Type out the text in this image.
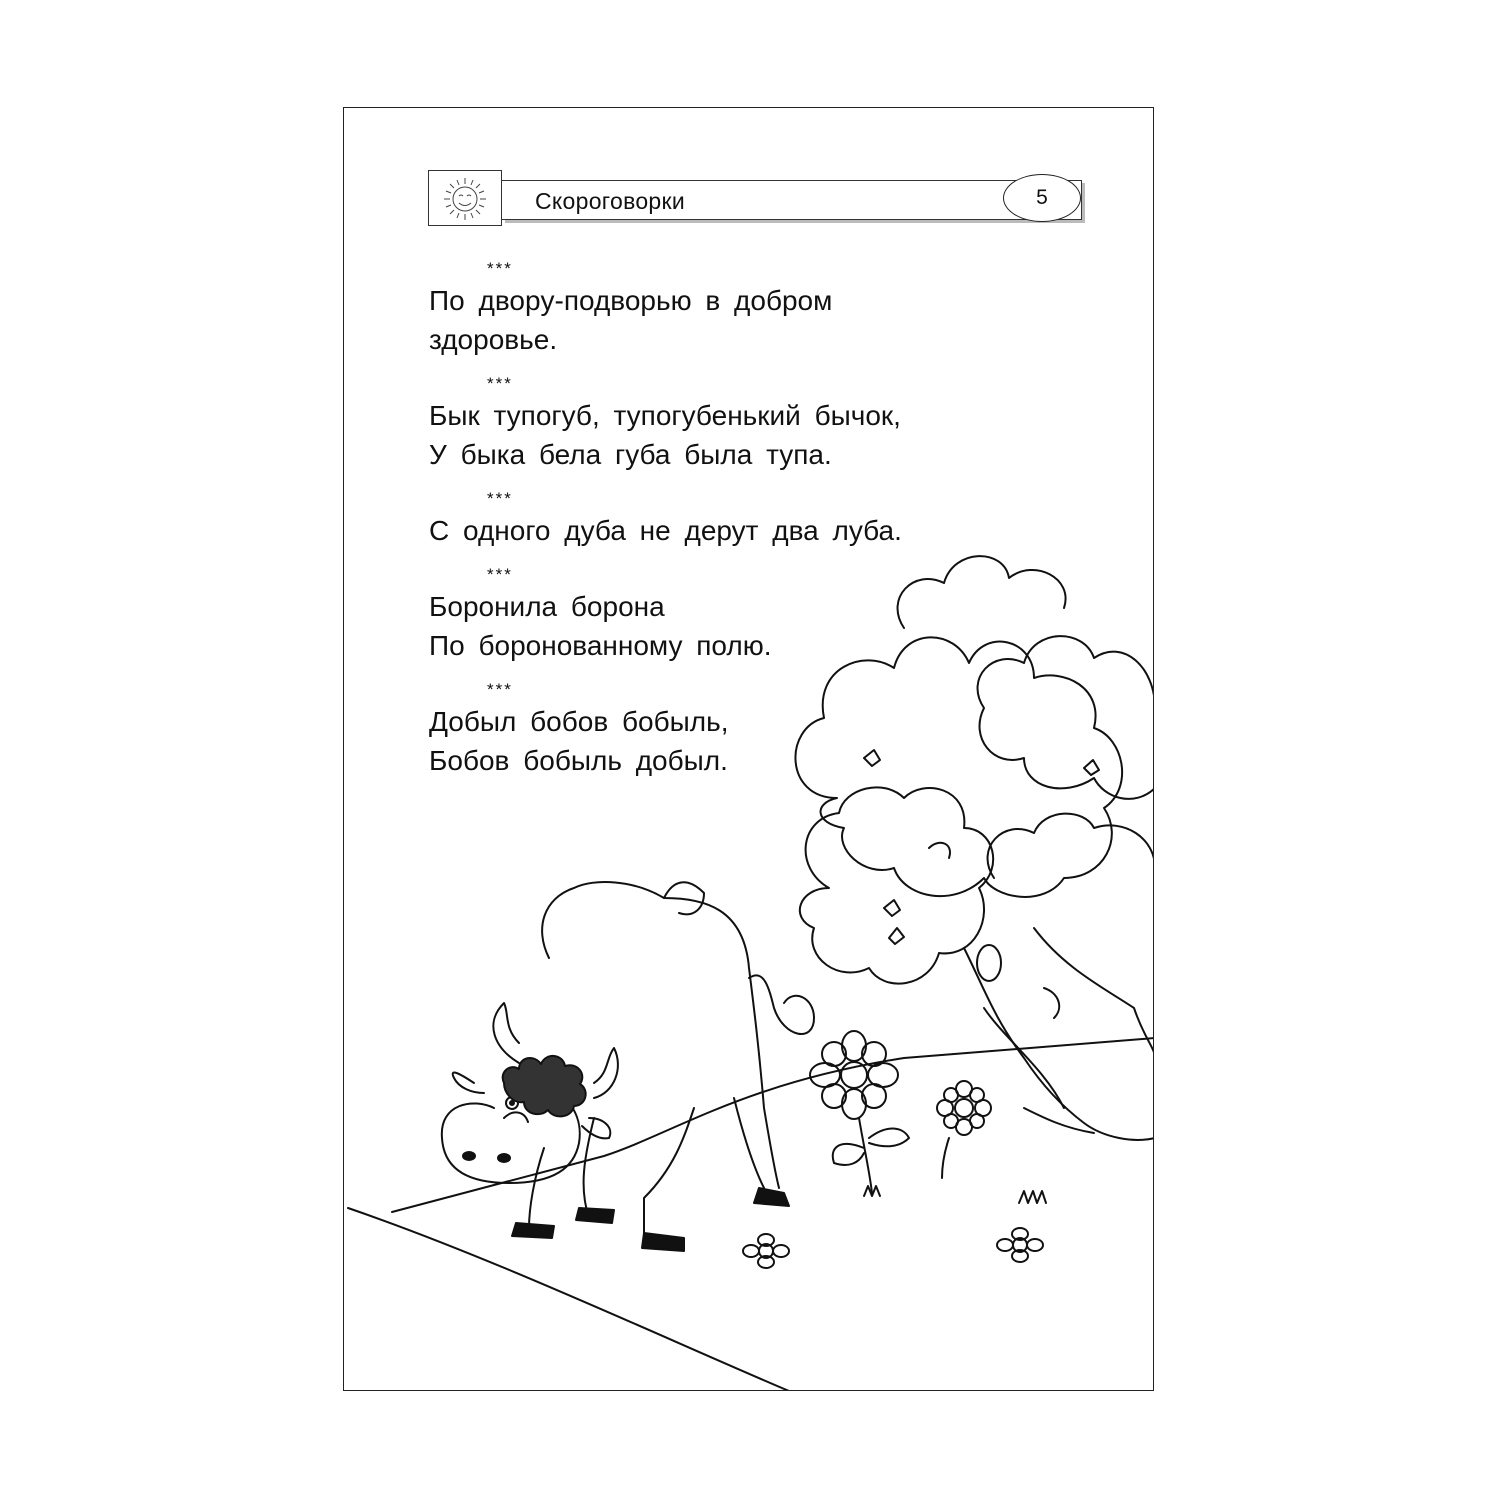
Скороговорки	5
***
По дворy-подворью в добром
здоровье.
***
Бык тупогуб, тупогубенький бычок,
У быка бела губа была тупа.
***
С одного дуба не дерут два луба.
***
Боронила борона
По боронованному полю.
***
Добыл бобов бобыль,
Бобов бобыль добыл.
